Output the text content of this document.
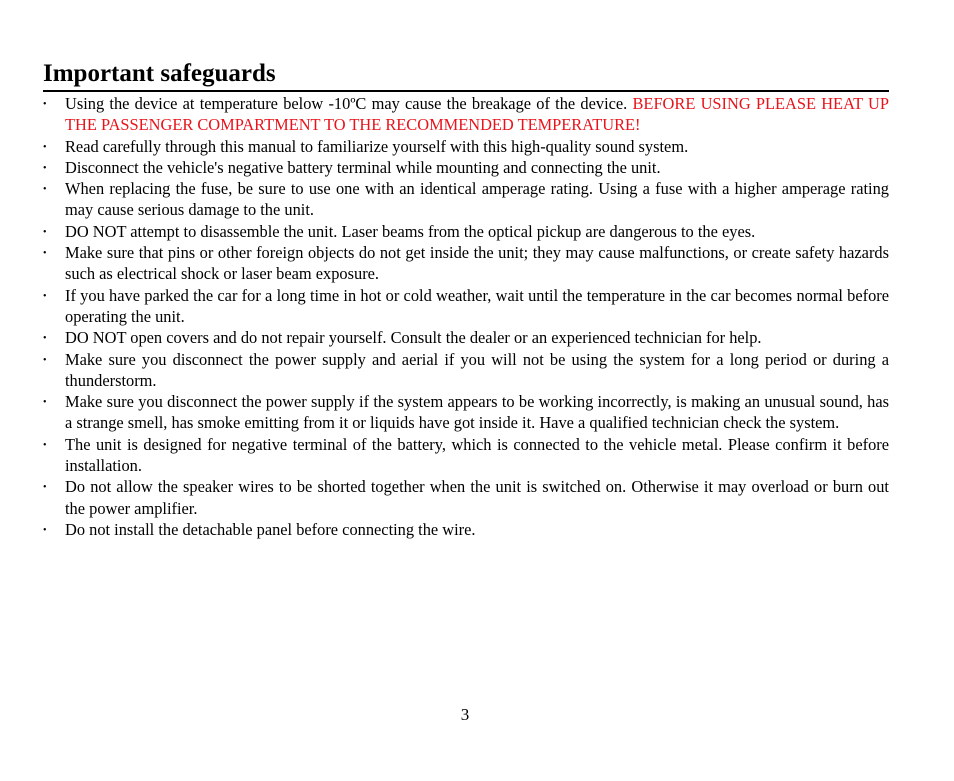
Important safeguards
• Using the device at temperature below -10ºC may cause the breakage of the device. BEFORE USING PLEASE HEAT UP THE PASSENGER COMPARTMENT TO THE RECOMMENDED TEMPERATURE!
• Read carefully through this manual to familiarize yourself with this high-quality sound system.
• Disconnect the vehicle's negative battery terminal while mounting and connecting the unit.
• When replacing the fuse, be sure to use one with an identical amperage rating. Using a fuse with a higher amperage rating may cause serious damage to the unit.
• DO NOT attempt to disassemble the unit. Laser beams from the optical pickup are dangerous to the eyes.
• Make sure that pins or other foreign objects do not get inside the unit; they may cause malfunctions, or create safety hazards such as electrical shock or laser beam exposure.
• If you have parked the car for a long time in hot or cold weather, wait until the temperature in the car becomes normal before operating the unit.
• DO NOT open covers and do not repair yourself. Consult the dealer or an experienced technician for help.
• Make sure you disconnect the power supply and aerial if you will not be using the system for a long period or during a thunderstorm.
• Make sure you disconnect the power supply if the system appears to be working incorrectly, is making an unusual sound, has a strange smell, has smoke emitting from it or liquids have got inside it. Have a qualified technician check the system.
• The unit is designed for negative terminal of the battery, which is connected to the vehicle metal. Please confirm it before installation.
• Do not allow the speaker wires to be shorted together when the unit is switched on. Otherwise it may overload or burn out the power amplifier.
• Do not install the detachable panel before connecting the wire.
3
